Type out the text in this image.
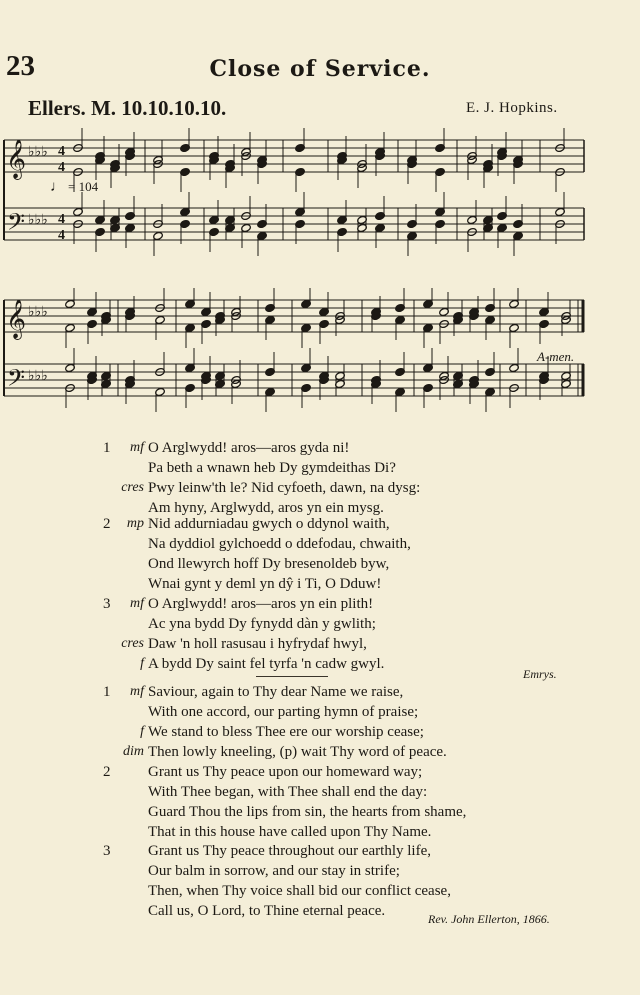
23	Close of Service.
Ellers. M. 10.10.10.10.	E. J. Hopkins.
𝄞
𝄢
♭♭♭
♭♭♭
4
4
4
4
♩ = 104
𝄞
𝄢
♭♭♭
♭♭♭
A-men.
1	mf O Arglwydd! aros—aros gyda ni!
Pa beth a wnawn heb Dy gymdeithas Di?
cres Pwy leinw'th le? Nid cyfoeth, dawn, na dysg:
Am hyny, Arglwydd, aros yn ein mysg.
2	mp Nid addurniadau gwych o ddynol waith,
Na dyddiol gylchoedd o ddefodau, chwaith,
Ond llewyrch hoff Dy bresenoldeb byw,
Wnai gynt y deml yn dŷ i Ti, O Dduw!
3	mf O Arglwydd! aros—aros yn ein plith!
Ac yna bydd Dy fynydd dàn y gwlith;
cres Daw 'n holl rasusau i hyfrydaf hwyl,
f A bydd Dy saint fel tyrfa 'n cadw gwyl.
Emrys.
1	mf Saviour, again to Thy dear Name we raise,
With one accord, our parting hymn of praise;
f We stand to bless Thee ere our worship cease;
dim Then lowly kneeling, (p) wait Thy word of peace.
2	Grant us Thy peace upon our homeward way;
With Thee began, with Thee shall end the day:
Guard Thou the lips from sin, the hearts from shame,
That in this house have called upon Thy Name.
3	Grant us Thy peace throughout our earthly life,
Our balm in sorrow, and our stay in strife;
Then, when Thy voice shall bid our conflict cease,
Call us, O Lord, to Thine eternal peace.	Rev. John Ellerton, 1866.
